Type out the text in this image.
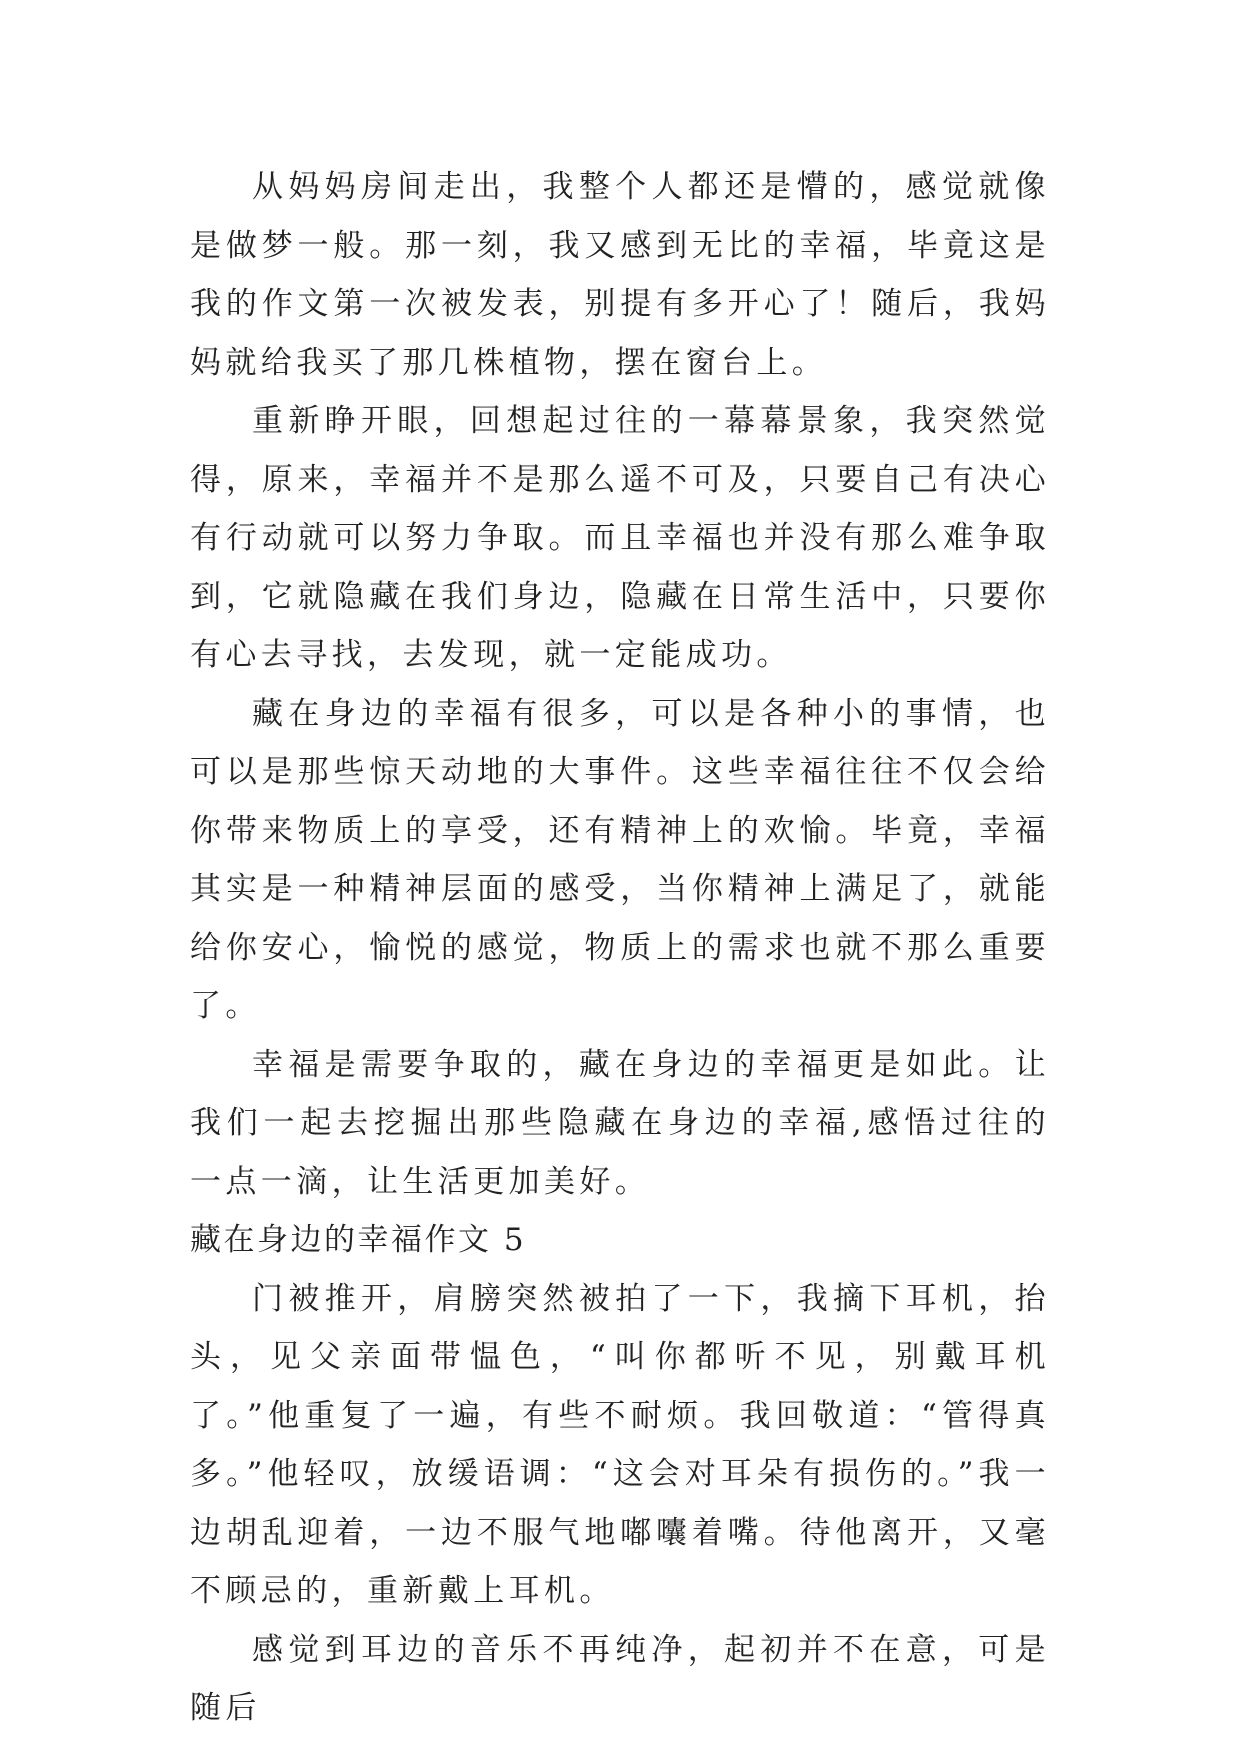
从妈妈房间走出，我整个人都还是懵的，感觉就像是做梦一般。那一刻，我又感到无比的幸福，毕竟这是我的作文第一次被发表，别提有多开心了！随后，我妈妈就给我买了那几株植物，摆在窗台上。

重新睁开眼，回想起过往的一幕幕景象，我突然觉得，原来，幸福并不是那么遥不可及，只要自己有决心有行动就可以努力争取。而且幸福也并没有那么难争取到，它就隐藏在我们身边，隐藏在日常生活中，只要你有心去寻找，去发现，就一定能成功。

藏在身边的幸福有很多，可以是各种小的事情，也可以是那些惊天动地的大事件。这些幸福往往不仅会给你带来物质上的享受，还有精神上的欢愉。毕竟，幸福其实是一种精神层面的感受，当你精神上满足了，就能给你安心，愉悦的感觉，物质上的需求也就不那么重要了。

幸福是需要争取的，藏在身边的幸福更是如此。让我们一起去挖掘出那些隐藏在身边的幸福,感悟过往的一点一滴，让生活更加美好。

藏在身边的幸福作文 5

门被推开，肩膀突然被拍了一下，我摘下耳机，抬头，见父亲面带愠色，“叫你都听不见，别戴耳机了。”他重复了一遍，有些不耐烦。我回敬道：“管得真多。”他轻叹，放缓语调：“这会对耳朵有损伤的。”我一边胡乱迎着，一边不服气地嘟囔着嘴。待他离开，又毫不顾忌的，重新戴上耳机。

感觉到耳边的音乐不再纯净，起初并不在意，可是随后
